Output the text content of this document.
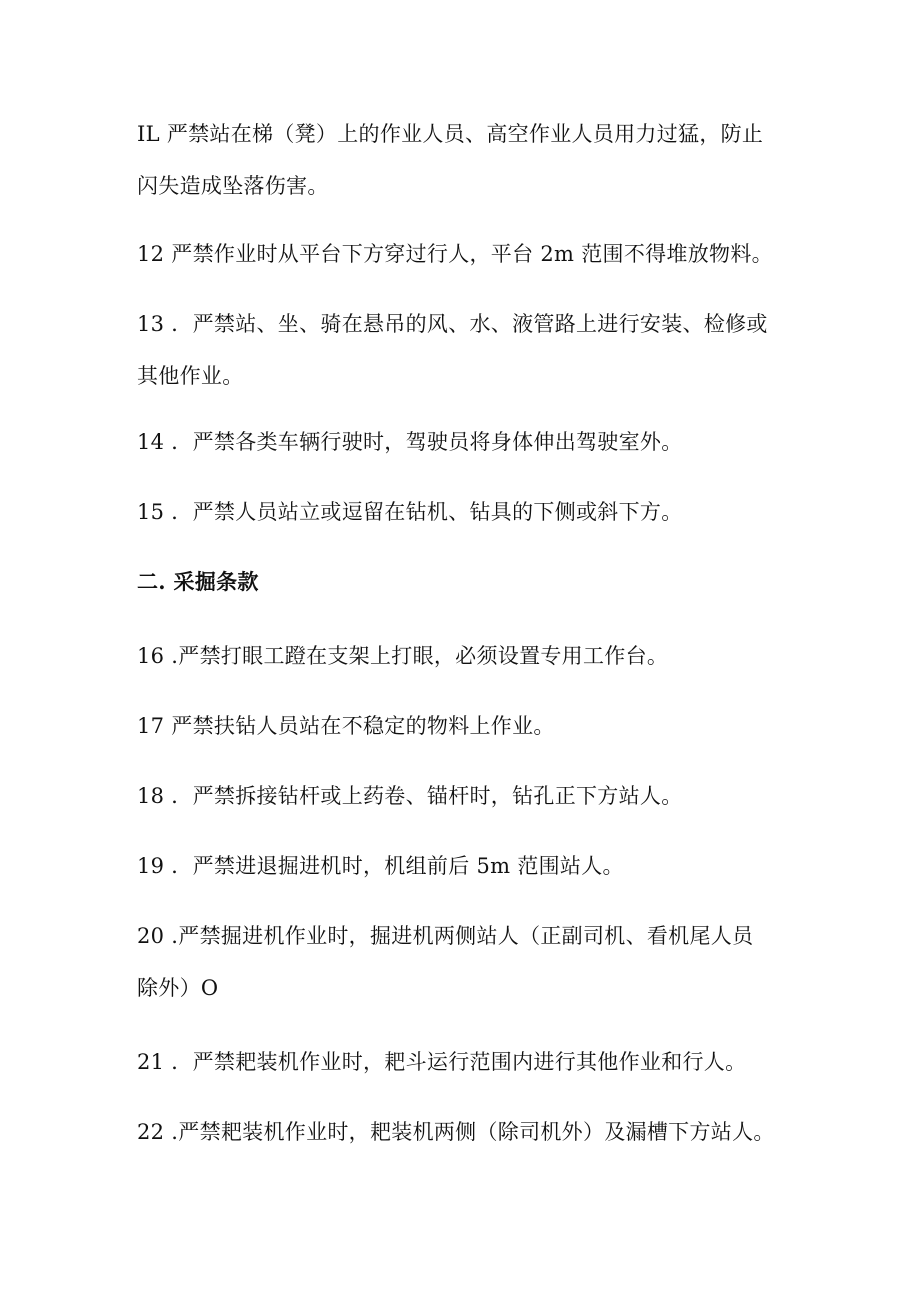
IL 严禁站在梯（凳）上的作业人员、高空作业人员用力过猛，防止
闪失造成坠落伤害。

12 严禁作业时从平台下方穿过行人，平台 2m 范围不得堆放物料。

13 ．严禁站、坐、骑在悬吊的风、水、液管路上进行安装、检修或
其他作业。

14 ．严禁各类车辆行驶时，驾驶员将身体伸出驾驶室外。

15 ．严禁人员站立或逗留在钻机、钻具的下侧或斜下方。

二. 采掘条款

16 .严禁打眼工蹬在支架上打眼，必须设置专用工作台。

17 严禁扶钻人员站在不稳定的物料上作业。

18 ．严禁拆接钻杆或上药卷、锚杆时，钻孔正下方站人。

19 ．严禁进退掘进机时，机组前后 5m 范围站人。

20 .严禁掘进机作业时，掘进机两侧站人（正副司机、看机尾人员
除外）O

21 ．严禁耙装机作业时，耙斗运行范围内进行其他作业和行人。

22 .严禁耙装机作业时，耙装机两侧（除司机外）及漏槽下方站人。
